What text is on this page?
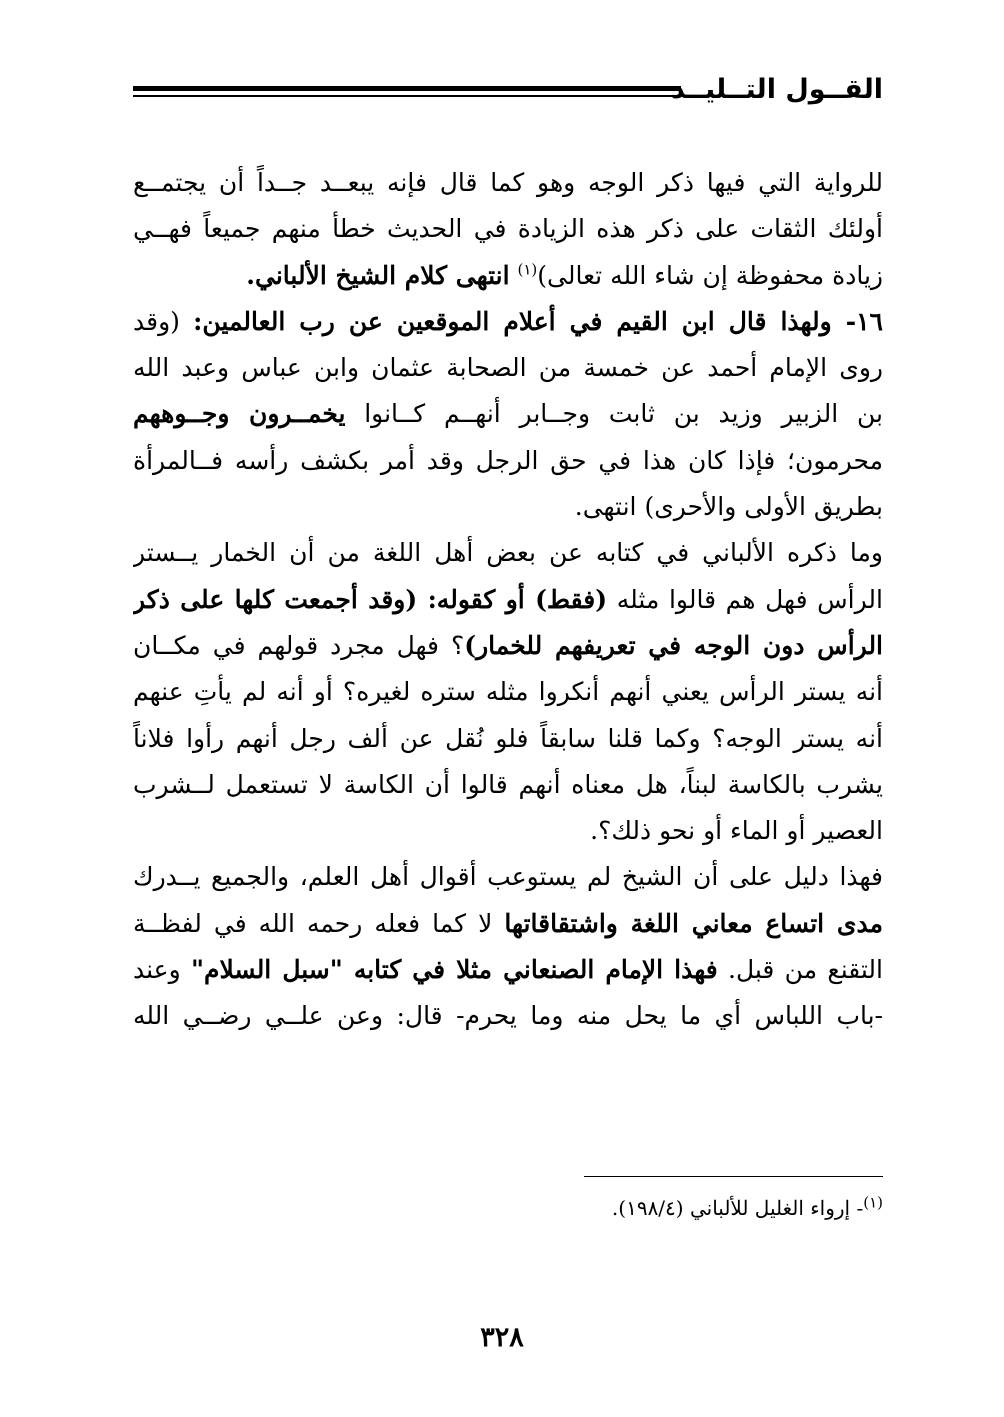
القــول التــليــد
للرواية التي فيها ذكر الوجه وهو كما قال فإنه يبعــد جــداً أن يجتمــع
أولئك الثقات على ذكر هذه الزيادة في الحديث خطأ منهم جميعاً فهــي
زيادة محفوظة إن شاء الله تعالى)$^{(١)}$ انتهى كلام الشيخ الألباني.
١٦- ولهذا قال ابن القيم في أعلام الموقعين عن رب العالمين: (وقد
روى الإمام أحمد عن خمسة من الصحابة عثمان وابن عباس وعبد الله
بن الزبير وزيد بن ثابت وجــابر أنهــم كــانوا يخمــرون وجــوههم
محرمون؛ فإذا كان هذا في حق الرجل وقد أمر بكشف رأسه فــالمرأة
بطريق الأولى والأحرى) انتهى.
وما ذكره الألباني في كتابه عن بعض أهل اللغة من أن الخمار يــستر
الرأس فهل هم قالوا مثله (فقط) أو كقوله: (وقد أجمعت كلها على ذكر
الرأس دون الوجه في تعريفهم للخمار)؟ فهل مجرد قولهم في مكــان
أنه يستر الرأس يعني أنهم أنكروا مثله ستره لغيره؟ أو أنه لم يأتِ عنهم
أنه يستر الوجه؟ وكما قلنا سابقاً فلو نُقل عن ألف رجل أنهم رأوا فلاناً
يشرب بالكاسة لبناً، هل معناه أنهم قالوا أن الكاسة لا تستعمل لــشرب
العصير أو الماء أو نحو ذلك؟.
فهذا دليل على أن الشيخ لم يستوعب أقوال أهل العلم، والجميع يــدرك
مدى اتساع معاني اللغة واشتقاقاتها لا كما فعله رحمه الله في لفظــة
التقنع من قبل. فهذا الإمام الصنعاني مثلا في كتابه "سبل السلام" وعند
-باب اللباس أي ما يحل منه وما يحرم- قال: وعن علــي رضــي الله
$^{(١)}$- إرواء الغليل للألباني (١٩٨/٤).
٣٢٨
